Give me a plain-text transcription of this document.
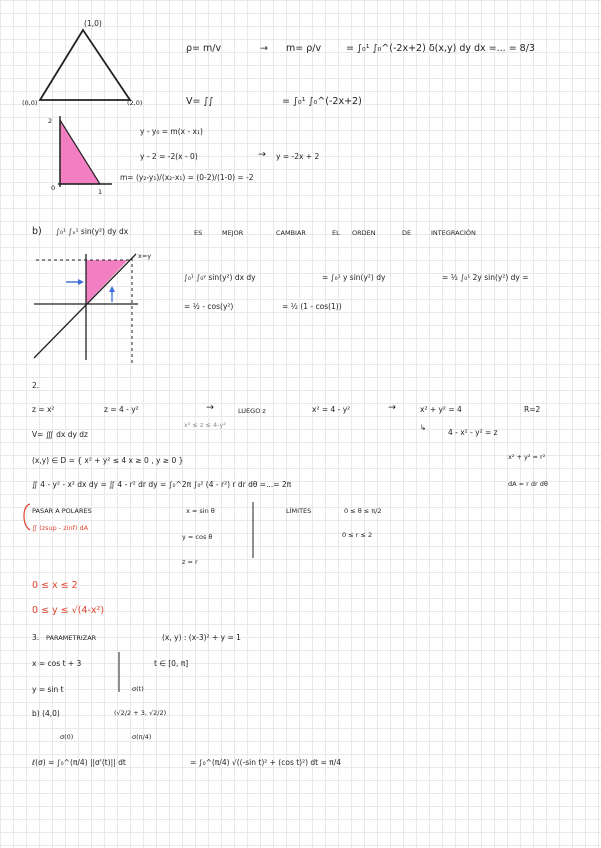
(1,0)
(0,0)	(2,0)
ρ= m/v	→ m= ρ/v	= ∫₀¹ ∫₀^(-2x+2) δ(x,y) dy dx =... = 8/3
V= ∫∫	= ∫₀¹ ∫₀^(-2x+2)
2
1
0
y - y₀ = m(x - x₁)
y - 2 = -2(x - 0)	→ y = -2x + 2
m= (y₂-y₁)/(x₂-x₁) = (0-2)/(1-0) = -2
b) ∫₀¹ ∫ₓ¹ sin(y²) dy dx	ES	MEJOR	CAMBIAR	EL ORDEN	DE	INTEGRACIÓN
x=y
∫₀¹ ∫₀ʸ sin(y²) dx dy	= ∫₀¹ y sin(y²) dy	= ½ ∫₀¹ 2y sin(y²) dy =
= ½ - cos(y²)	= ½ (1 - cos(1))
2.
z = x²	z = 4 - y²	→	LUEGO z	x² = 4 - y²	→	x² + y² = 4	R=2
x² ≤ z ≤ 4-y²	↳
4 - x² - y² = z
V= ∭ dx dy dz
x² + y² = r²
(x,y) ∈ D = { x² + y² ≤ 4 x ≥ 0 , y ≥ 0 }
∬ 4 - y² - x² dx dy = ∬ 4 - r² dr dy = ∫₀^2π ∫₀² (4 - r²) r dr dθ =...= 2π	dA = r dr dθ
PASAR A POLARES	x = sin θ	LÍMITES	0 ≤ θ ≤ π/2
∬ (zsup - zinf) dA
y = cos θ	0 ≤ r ≤ 2
z = r
0 ≤ x ≤ 2
0 ≤ y ≤ √(4-x²)
3. PARAMETRIZAR	(x, y) : (x-3)² + y = 1
x = cos t + 3	t ∈ [0, π]
y = sin t	σ(t)
b) (4,0)	(√2/2 + 3, √2/2)
σ(0)	σ(π/4)
ℓ(σ) = ∫₀^(π/4) ||σ'(t)|| dt	= ∫₀^(π/4) √((-sin t)² + (cos t)²) dt = π/4
